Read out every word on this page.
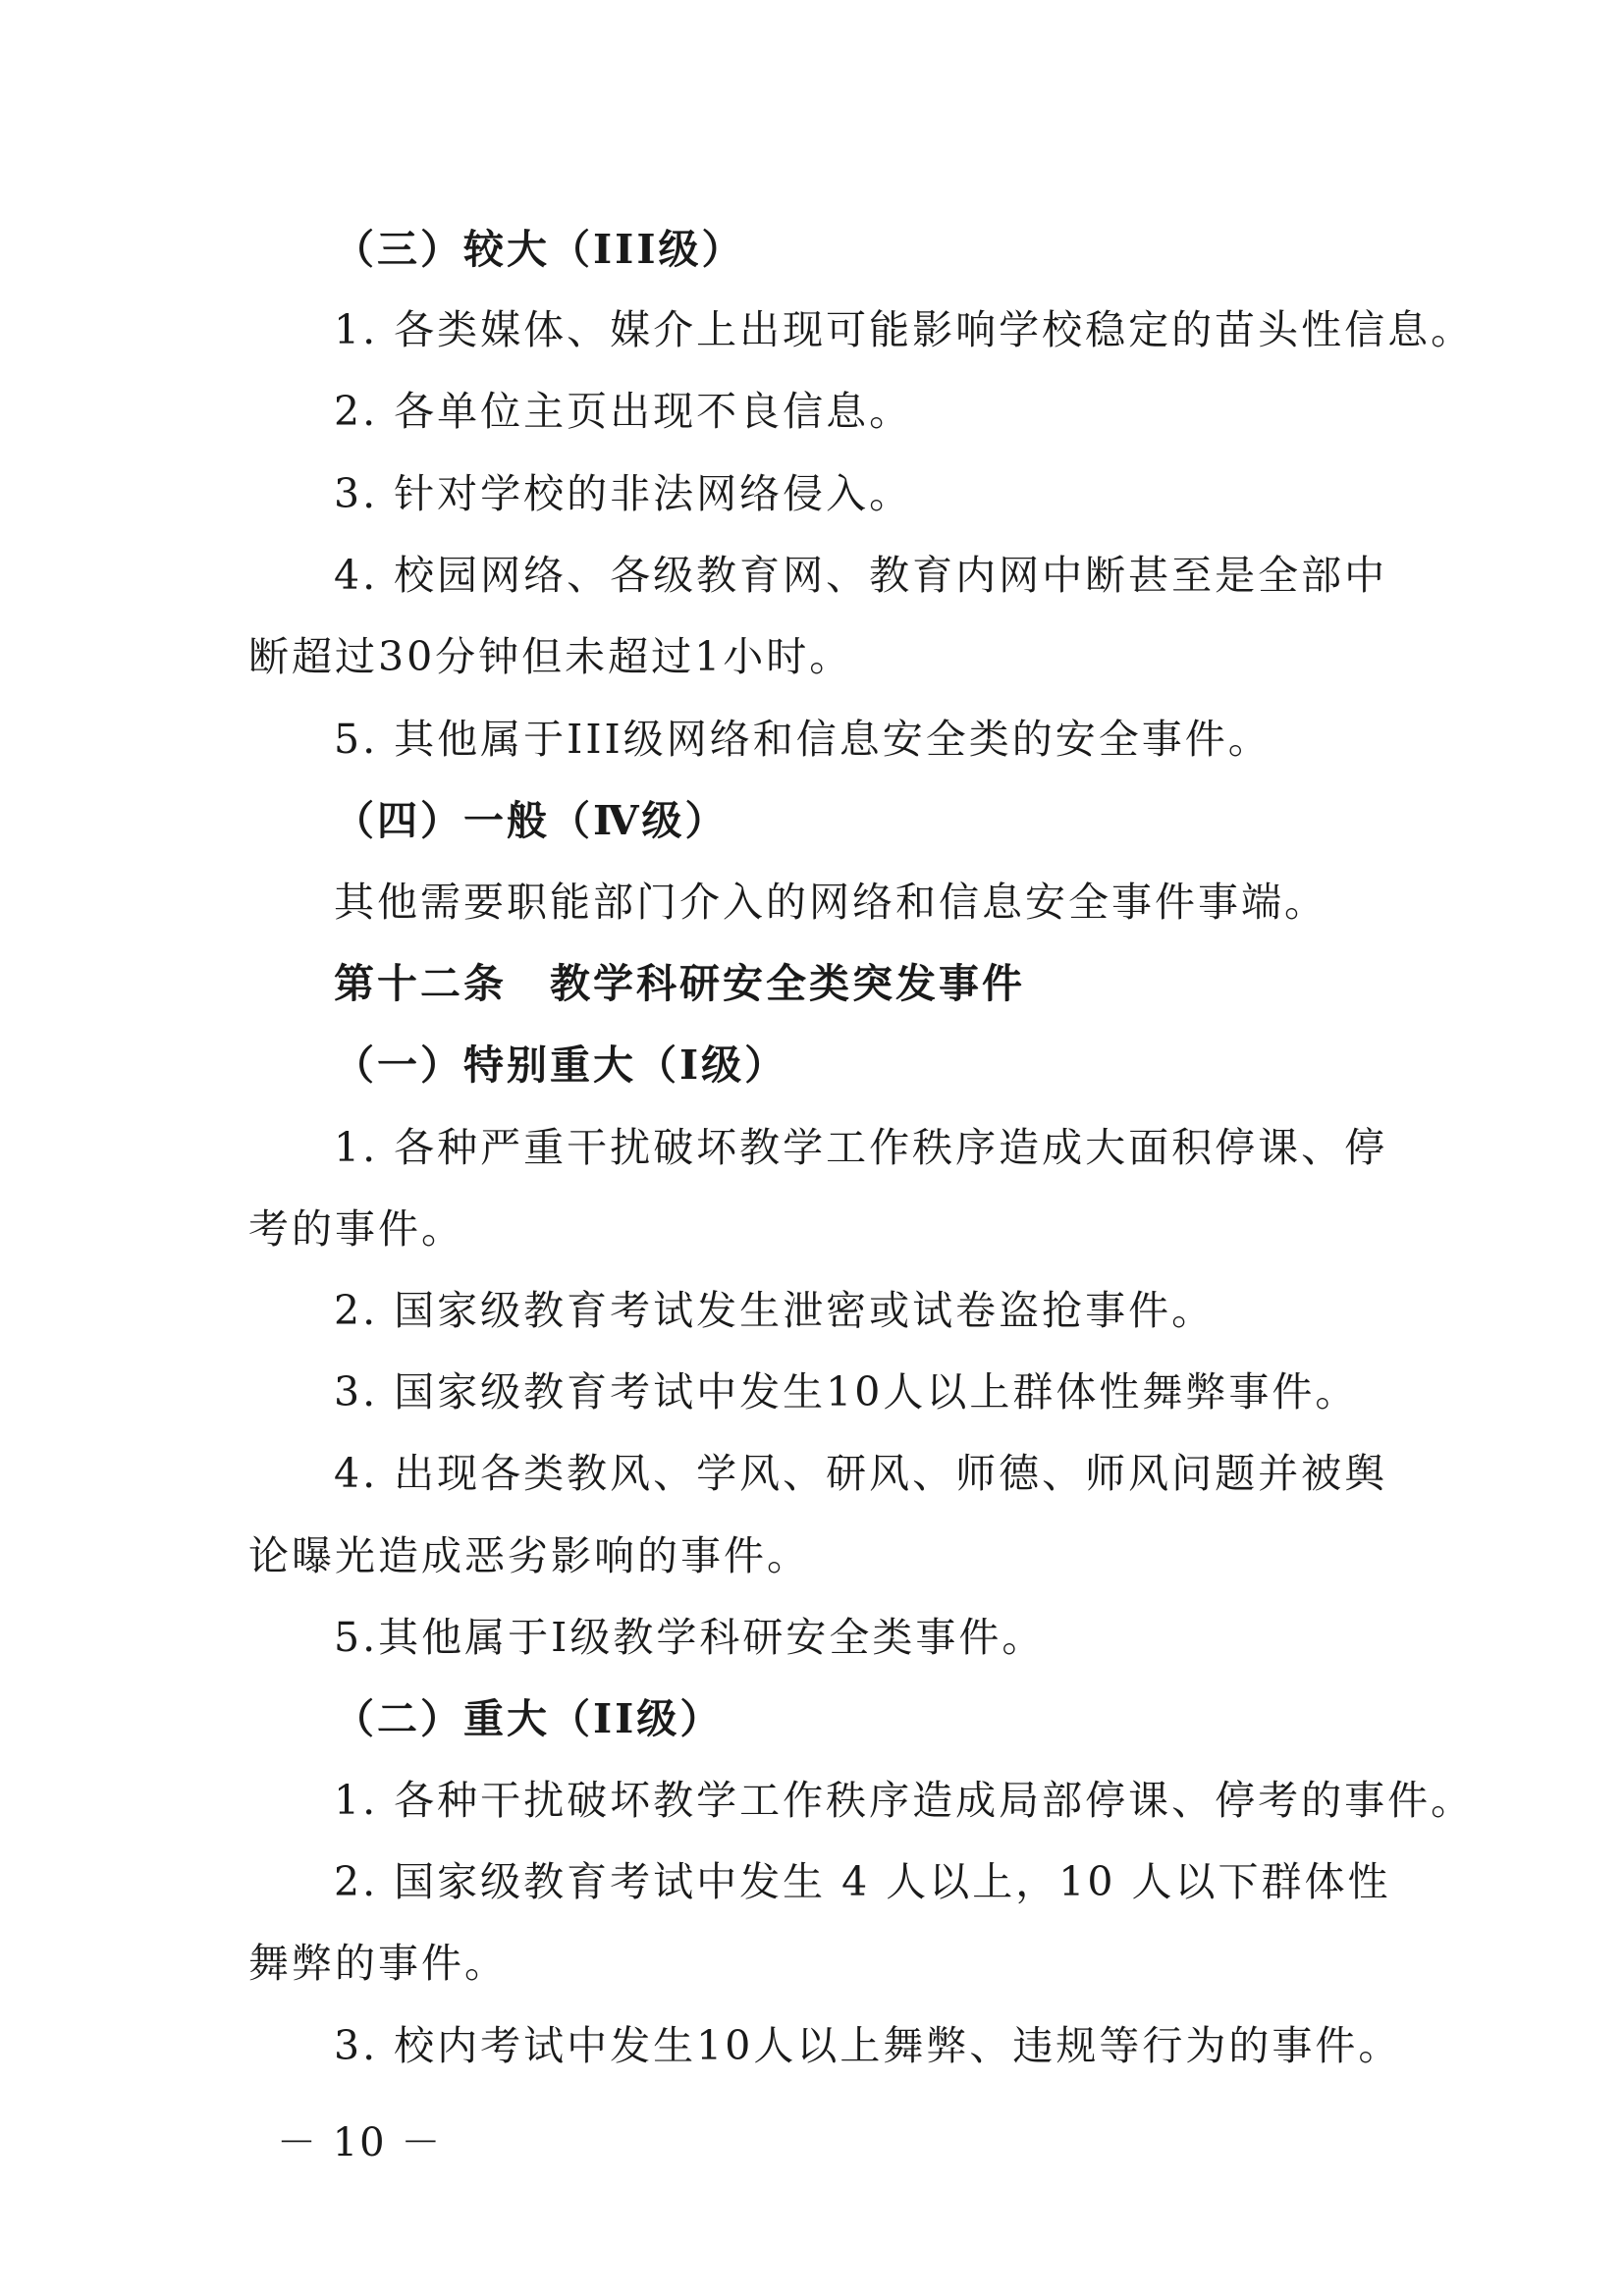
（三）较大（III级）
1. 各类媒体、媒介上出现可能影响学校稳定的苗头性信息。
2. 各单位主页出现不良信息。
3. 针对学校的非法网络侵入。
4. 校园网络、各级教育网、教育内网中断甚至是全部中
断超过30分钟但未超过1小时。
5. 其他属于III级网络和信息安全类的安全事件。
（四）一般（Ⅳ级）
其他需要职能部门介入的网络和信息安全事件事端。
第十二条　教学科研安全类突发事件
（一）特别重大（I级）
1. 各种严重干扰破坏教学工作秩序造成大面积停课、停
考的事件。
2. 国家级教育考试发生泄密或试卷盗抢事件。
3. 国家级教育考试中发生10人以上群体性舞弊事件。
4. 出现各类教风、学风、研风、师德、师风问题并被舆
论曝光造成恶劣影响的事件。
5.其他属于I级教学科研安全类事件。
（二）重大（II级）
1. 各种干扰破坏教学工作秩序造成局部停课、停考的事件。
2. 国家级教育考试中发生 4 人以上，10 人以下群体性
舞弊的事件。
3. 校内考试中发生10人以上舞弊、违规等行为的事件。
－ 10 －
